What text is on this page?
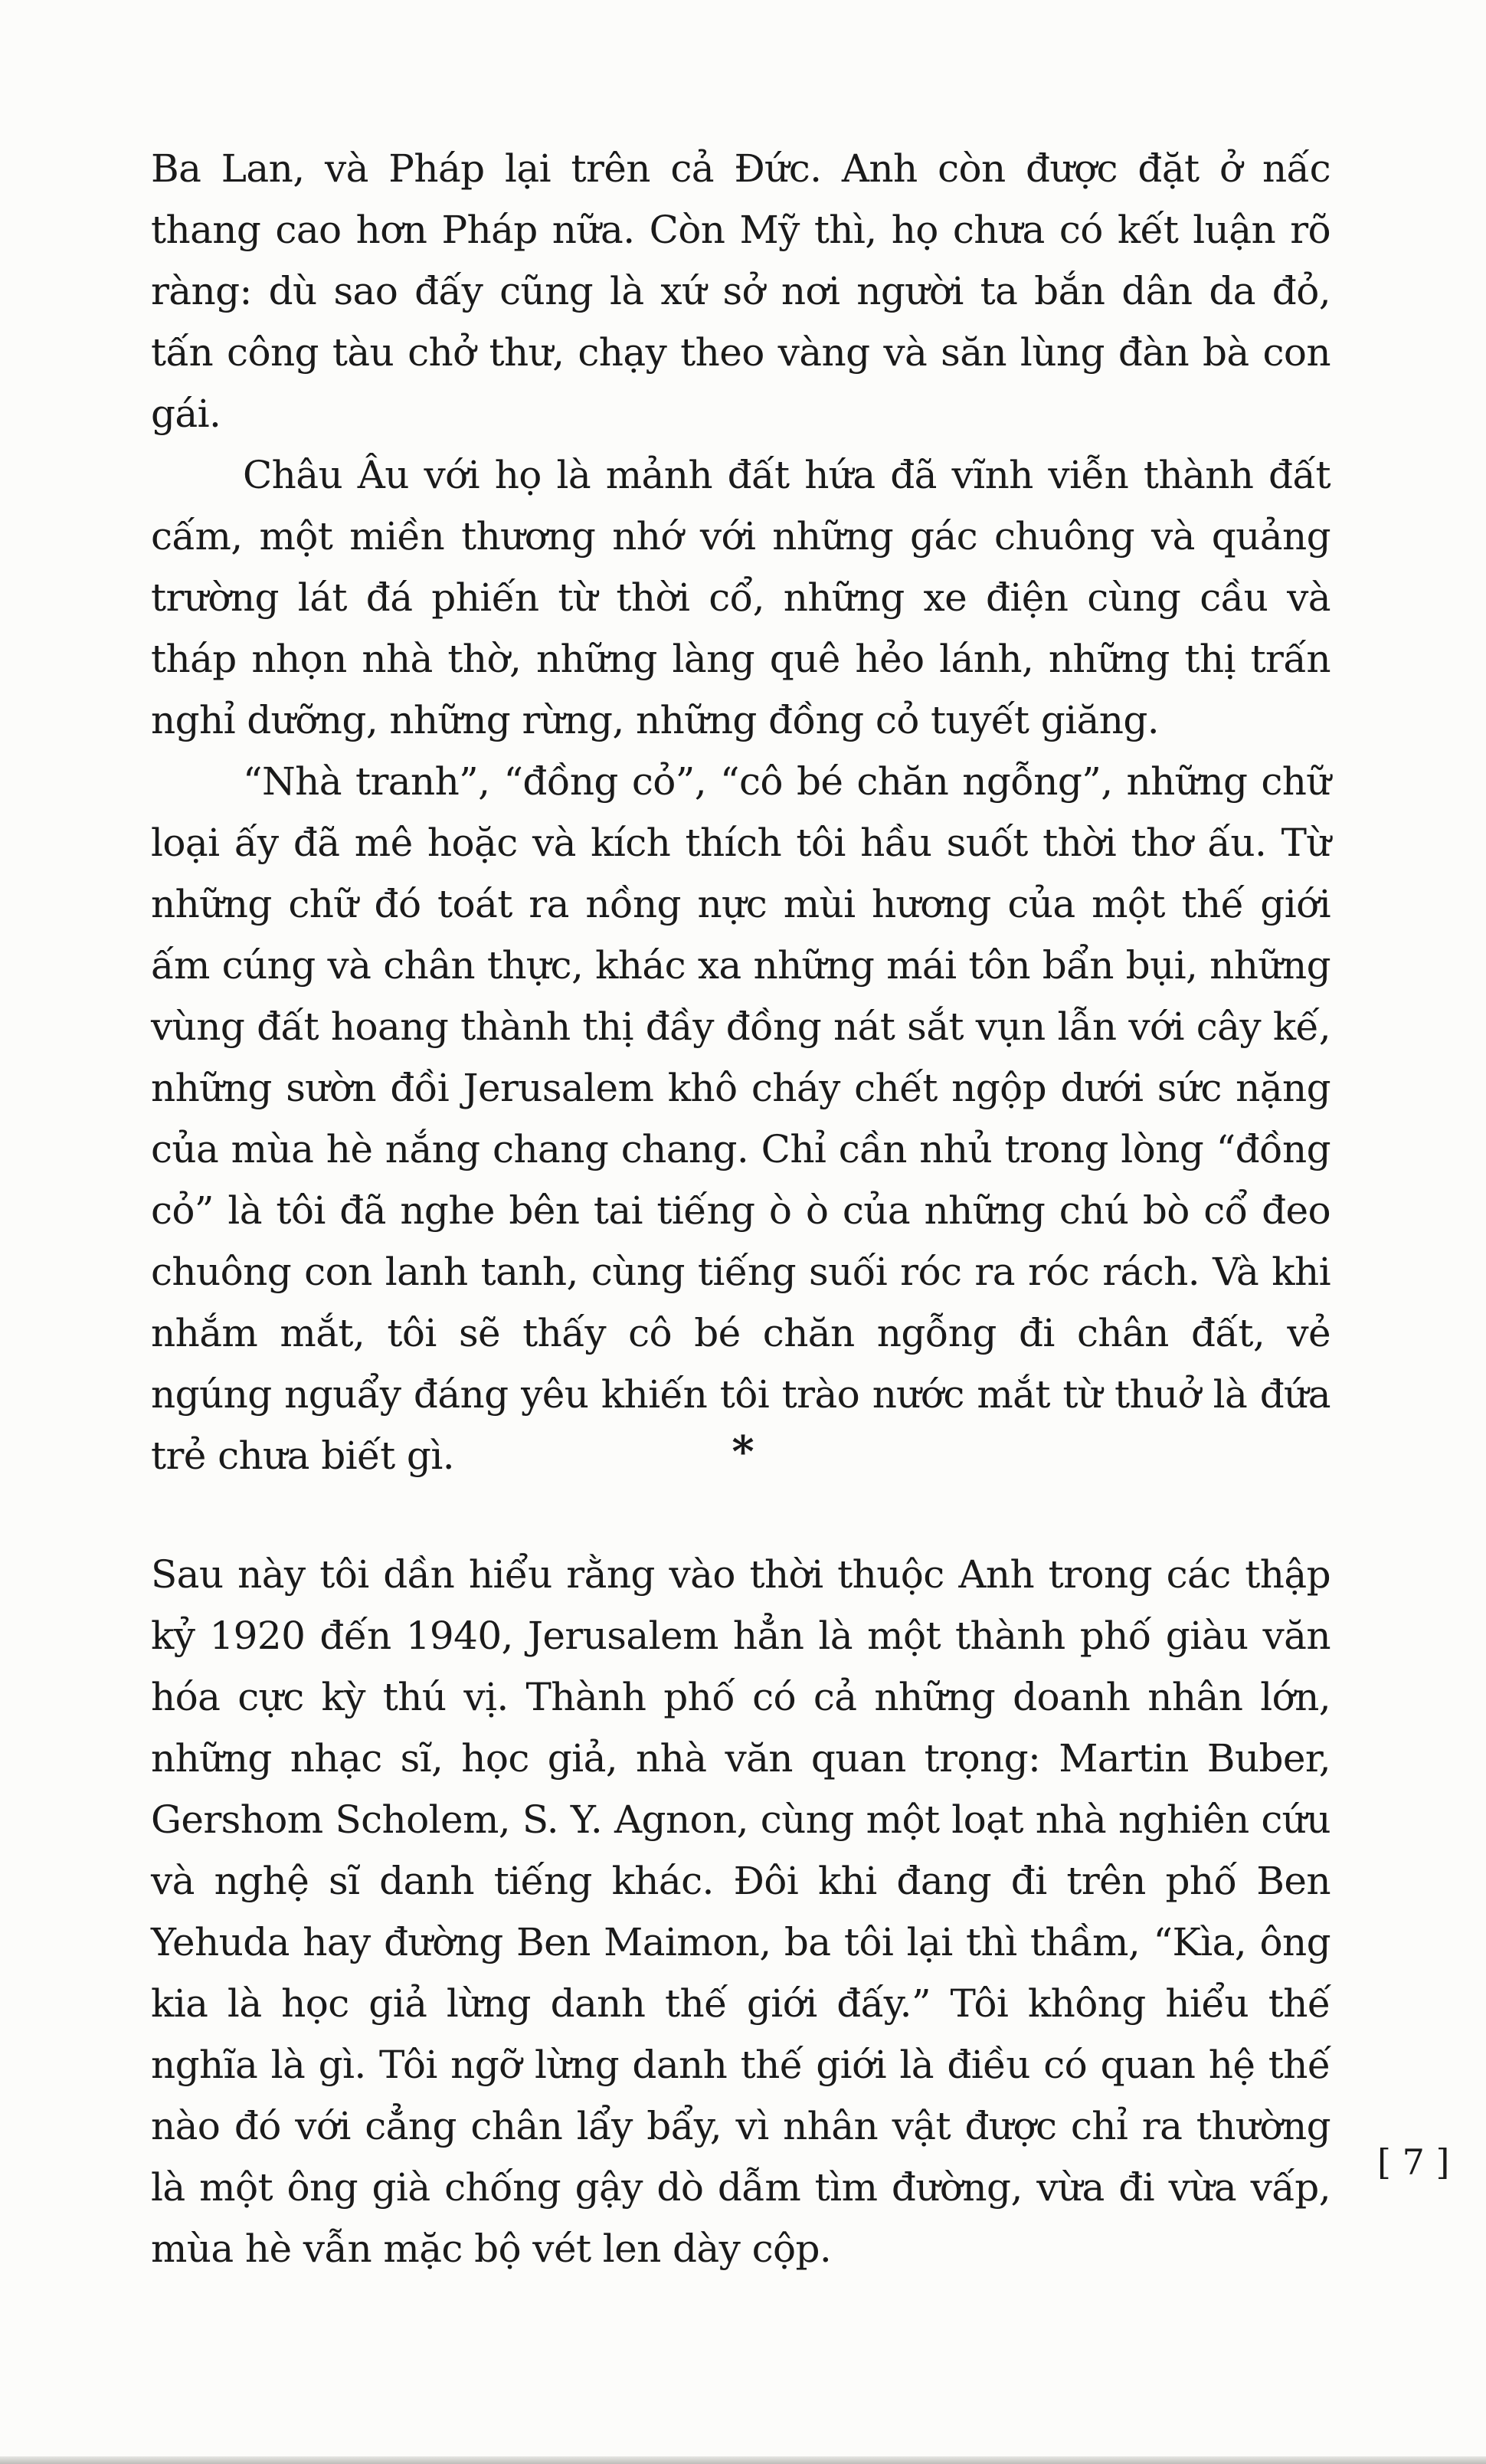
Ba Lan, và Pháp lại trên cả Đức. Anh còn được đặt ở nấc thang cao hơn Pháp nữa. Còn Mỹ thì, họ chưa có kết luận rõ ràng: dù sao đấy cũng là xứ sở nơi người ta bắn dân da đỏ, tấn công tàu chở thư, chạy theo vàng và săn lùng đàn bà con gái.

Châu Âu với họ là mảnh đất hứa đã vĩnh viễn thành đất cấm, một miền thương nhớ với những gác chuông và quảng trường lát đá phiến từ thời cổ, những xe điện cùng cầu và tháp nhọn nhà thờ, những làng quê hẻo lánh, những thị trấn nghỉ dưỡng, những rừng, những đồng cỏ tuyết giăng.

“Nhà tranh”, “đồng cỏ”, “cô bé chăn ngỗng”, những chữ loại ấy đã mê hoặc và kích thích tôi hầu suốt thời thơ ấu. Từ những chữ đó toát ra nồng nực mùi hương của một thế giới ấm cúng và chân thực, khác xa những mái tôn bẩn bụi, những vùng đất hoang thành thị đầy đồng nát sắt vụn lẫn với cây kế, những sườn đồi Jerusalem khô cháy chết ngộp dưới sức nặng của mùa hè nắng chang chang. Chỉ cần nhủ trong lòng “đồng cỏ” là tôi đã nghe bên tai tiếng ò ò của những chú bò cổ đeo chuông con lanh tanh, cùng tiếng suối róc ra róc rách. Và khi nhắm mắt, tôi sẽ thấy cô bé chăn ngỗng đi chân đất, vẻ ngúng nguẩy đáng yêu khiến tôi trào nước mắt từ thuở là đứa trẻ chưa biết gì.	*

Sau này tôi dần hiểu rằng vào thời thuộc Anh trong các thập kỷ 1920 đến 1940, Jerusalem hẳn là một thành phố giàu văn hóa cực kỳ thú vị. Thành phố có cả những doanh nhân lớn, những nhạc sĩ, học giả, nhà văn quan trọng: Martin Buber, Gershom Scholem, S. Y. Agnon, cùng một loạt nhà nghiên cứu và nghệ sĩ danh tiếng khác. Đôi khi đang đi trên phố Ben Yehuda hay đường Ben Maimon, ba tôi lại thì thầm, “Kìa, ông kia là học giả lừng danh thế giới đấy.” Tôi không hiểu thế nghĩa là gì. Tôi ngỡ lừng danh thế giới là điều có quan hệ thế nào đó với cẳng chân lẩy bẩy, vì nhân vật được chỉ ra thường là một ông già chống gậy dò dẫm tìm đường, vừa đi vừa vấp, mùa hè vẫn mặc bộ vét len dày cộp.

[ 7 ]
